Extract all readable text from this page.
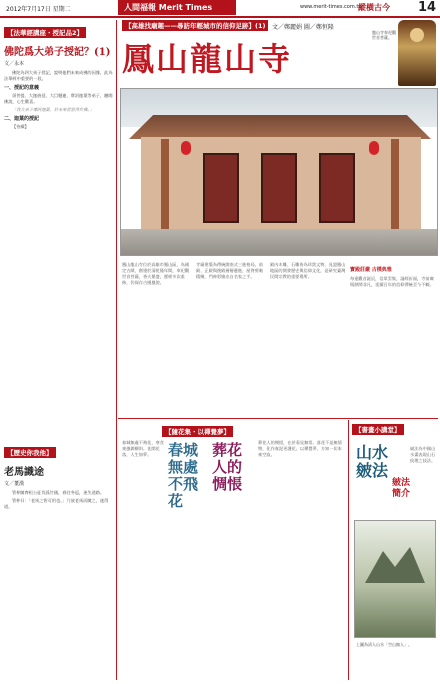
2012年7月17日 星期二	人間福報 Merit Times	www.merit-times.com.tw
縱橫古今 14
【法華經講座・授記品2】
佛陀爲大弟子授記？(1)
文／永本

佛陀為四大弟子授記，說明他們未來成佛的因緣，此為法華經中重要的一段。

一、授記的意義

須菩提、大迦旃延、大目犍連、摩訶迦葉等弟子，聽聞佛說，心生歡喜。

「我大弟子摩訶迦葉，於未來世當得作佛。」

二、迦葉的授記

【待續】

【歷史你我他】
老馬識途
文／董漢

管仲隨齊桓公征伐孤竹國，春往冬返，迷失道路。

管仲曰：「老馬之智可用也。」乃放老馬而隨之，遂得道。

【高雄找廟趣——尋訪年輕城市的信仰足跡】(1)	文／鄭麗娟 圖／鄭恒隆
鳳山龍山寺
龍山寺奉祀觀世音菩薩。
鳳山龍山寺位於高雄市鳳山區，為國定古蹟，創建於清乾隆年間，奉祀觀世音菩薩，香火鼎盛，歷經多次重修，仍保存古樸風貌。
寺廟建築為傳統閩南式三進格局，前殿、正殿與後殿層層遞進，屋脊剪黏精緻，門神彩繪出自名家之手。
殿內木雕、石雕皆為珍貴文物，見證鳳山地區的開發歷史與信仰文化，是研究臺灣民間宗教的重要場所。
寶殿莊嚴 古樸典雅
每逢觀音誕辰，信眾雲集，誦經祈福，寺前廣場熱鬧非凡，延續百年的信仰傳統至今不輟。
【隨花集・以禪覺夢】
春城無處不飛花
葬花人的惆悵
春城無處不飛花，寒食東風御柳斜。花開花落，人生如夢。
葬花人的惆悵，在於看見無常。落花不是無情物，化作春泥更護花。以禪覺夢，方知一切本來空寂。
【書畫小講堂】
山水皴法
皴法簡介
皴法為中國山水畫表現山石紋理之技法。
上圖為清人山水「空山無人」。
